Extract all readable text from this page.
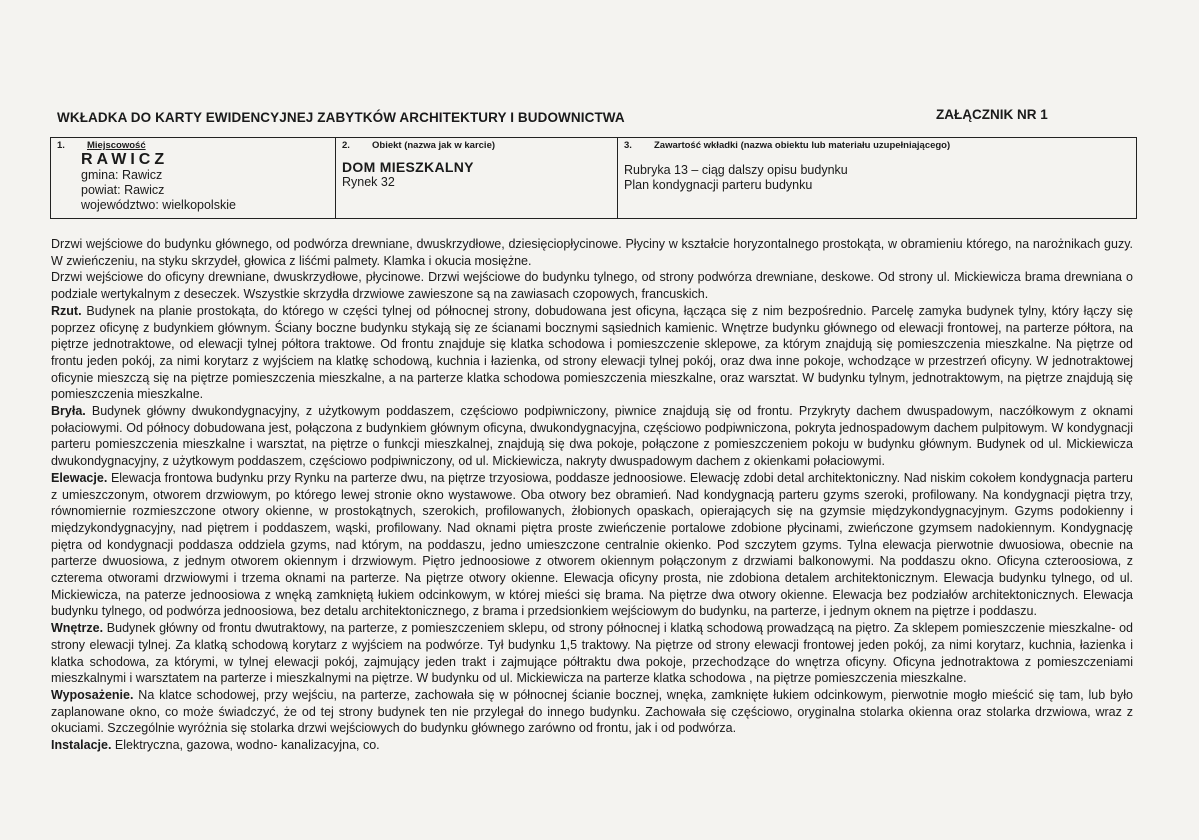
WKŁADKA DO KARTY EWIDENCYJNEJ ZABYTKÓW ARCHITEKTURY I BUDOWNICTWA	ZAŁĄCZNIK NR 1
1. Miejscowość
RAWICZ
gmina: Rawicz
powiat: Rawicz
województwo: wielkopolskie

2. Obiekt (nazwa jak w karcie)
DOM MIESZKALNY
Rynek 32

3. Zawartość wkładki (nazwa obiektu lub materiału uzupełniającego)
Rubryka 13 – ciąg dalszy opisu budynku
Plan kondygnacji parteru budynku

Drzwi wejściowe do budynku głównego, od podwórza drewniane, dwuskrzydłowe, dziesięciopłycinowe. Płyciny w kształcie horyzontalnego prostokąta, w obramieniu którego, na narożnikach guzy. W zwieńczeniu, na styku skrzydeł, głowica z liśćmi palmety. Klamka i okucia mosiężne.

Drzwi wejściowe do oficyny drewniane, dwuskrzydłowe, płycinowe. Drzwi wejściowe do budynku tylnego, od strony podwórza drewniane, deskowe. Od strony ul. Mickiewicza brama drewniana o podziale wertykalnym z deseczek. Wszystkie skrzydła drzwiowe zawieszone są na zawiasach czopowych, francuskich.

Rzut. Budynek na planie prostokąta, do którego w części tylnej od północnej strony, dobudowana jest oficyna, łącząca się z nim bezpośrednio. Parcelę zamyka budynek tylny, który łączy się poprzez oficynę z budynkiem głównym. Ściany boczne budynku stykają się ze ścianami bocznymi sąsiednich kamienic. Wnętrze budynku głównego od elewacji frontowej, na parterze półtora, na piętrze jednotraktowe, od elewacji tylnej półtora traktowe. Od frontu znajduje się klatka schodowa i pomieszczenie sklepowe, za którym znajdują się pomieszczenia mieszkalne. Na piętrze od frontu jeden pokój, za nimi korytarz z wyjściem na klatkę schodową, kuchnia i łazienka, od strony elewacji tylnej pokój, oraz dwa inne pokoje, wchodzące w przestrzeń oficyny. W jednotraktowej oficynie mieszczą się na piętrze pomieszczenia mieszkalne, a na parterze klatka schodowa pomieszczenia mieszkalne, oraz warsztat. W budynku tylnym, jednotraktowym, na piętrze znajdują się pomieszczenia mieszkalne.

Bryła. Budynek główny dwukondygnacyjny, z użytkowym poddaszem, częściowo podpiwniczony, piwnice znajdują się od frontu. Przykryty dachem dwuspadowym, naczółkowym z oknami połaciowymi. Od północy dobudowana jest, połączona z budynkiem głównym oficyna, dwukondygnacyjna, częściowo podpiwniczona, pokryta jednospadowym dachem pulpitowym. W kondygnacji parteru pomieszczenia mieszkalne i warsztat, na piętrze o funkcji mieszkalnej, znajdują się dwa pokoje, połączone z pomieszczeniem pokoju w budynku głównym. Budynek od ul. Mickiewicza dwukondygnacyjny, z użytkowym poddaszem, częściowo podpiwniczony, od ul. Mickiewicza, nakryty dwuspadowym dachem z okienkami połaciowymi.

Elewacje. Elewacja frontowa budynku przy Rynku na parterze dwu, na piętrze trzyosiowa, poddasze jednoosiowe. Elewację zdobi detal architektoniczny. Nad niskim cokołem kondygnacja parteru z umieszczonym, otworem drzwiowym, po którego lewej stronie okno wystawowe. Oba otwory bez obramień. Nad kondygnacją parteru gzyms szeroki, profilowany. Na kondygnacji piętra trzy, równomiernie rozmieszczone otwory okienne, w prostokątnych, szerokich, profilowanych, żłobionych opaskach, opierających się na gzymsie międzykondygnacyjnym. Gzyms podokienny i międzykondygnacyjny, nad piętrem i poddaszem, wąski, profilowany. Nad oknami piętra proste zwieńczenie portalowe zdobione płycinami, zwieńczone gzymsem nadokiennym. Kondygnację piętra od kondygnacji poddasza oddziela gzyms, nad którym, na poddaszu, jedno umieszczone centralnie okienko. Pod szczytem gzyms. Tylna elewacja pierwotnie dwuosiowa, obecnie na parterze dwuosiowa, z jednym otworem okiennym i drzwiowym. Piętro jednoosiowe z otworem okiennym połączonym z drzwiami balkonowymi. Na poddaszu okno. Oficyna czteroosiowa, z czterema otworami drzwiowymi i trzema oknami na parterze. Na piętrze otwory okienne. Elewacja oficyny prosta, nie zdobiona detalem architektonicznym. Elewacja budynku tylnego, od ul. Mickiewicza, na paterze jednoosiowa z wnęką zamkniętą łukiem odcinkowym, w której mieści się brama. Na piętrze dwa otwory okienne. Elewacja bez podziałów architektonicznych. Elewacja budynku tylnego, od podwórza jednoosiowa, bez detalu architektonicznego, z brama i przedsionkiem wejściowym do budynku, na parterze, i jednym oknem na piętrze i poddaszu.

Wnętrze. Budynek główny od frontu dwutraktowy, na parterze, z pomieszczeniem sklepu, od strony północnej i klatką schodową prowadzącą na piętro. Za sklepem pomieszczenie mieszkalne- od strony elewacji tylnej. Za klatką schodową korytarz z wyjściem na podwórze. Tył budynku 1,5 traktowy. Na piętrze od strony elewacji frontowej jeden pokój, za nimi korytarz, kuchnia, łazienka i klatka schodowa, za którymi, w tylnej elewacji pokój, zajmujący jeden trakt i zajmujące półtraktu dwa pokoje, przechodzące do wnętrza oficyny. Oficyna jednotraktowa z pomieszczeniami mieszkalnymi i warsztatem na parterze i mieszkalnymi na piętrze. W budynku od ul. Mickiewicza na parterze klatka schodowa , na piętrze pomieszczenia mieszkalne.

Wyposażenie. Na klatce schodowej, przy wejściu, na parterze, zachowała się w północnej ścianie bocznej, wnęka, zamknięte łukiem odcinkowym, pierwotnie mogło mieścić się tam, lub było zaplanowane okno, co może świadczyć, że od tej strony budynek ten nie przylegał do innego budynku. Zachowała się częściowo, oryginalna stolarka okienna oraz stolarka drzwiowa, wraz z okuciami. Szczególnie wyróżnia się stolarka drzwi wejściowych do budynku głównego zarówno od frontu, jak i od podwórza.

Instalacje. Elektryczna, gazowa, wodno- kanalizacyjna, co.
